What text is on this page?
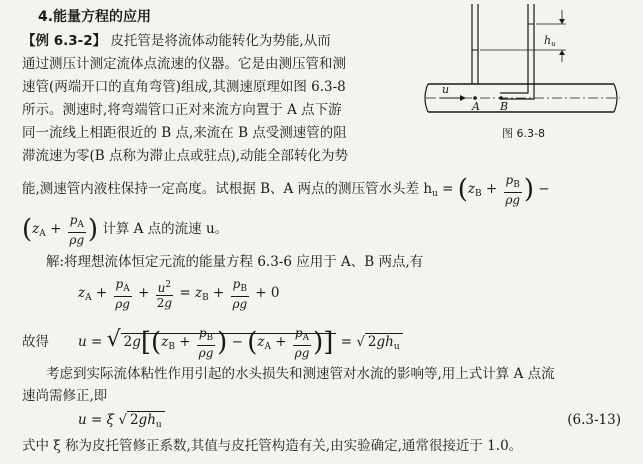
4.能量方程的应用
【例 6.3-2】 皮托管是将流体动能转化为势能,从而
通过测压计测定流体点流速的仪器。它是由测压管和测
速管(两端开口的直角弯管)组成,其测速原理如图 6.3-8
所示。测速时,将弯端管口正对来流方向置于 A 点下游
同一流线上相距很近的 B 点,来流在 B 点受测速管的阻
滞流速为零(B 点称为滞止点或驻点),动能全部转化为势
hu
u
A B
图 6.3-8
能,测速管内液柱保持一定高度。试根据 B、A 两点的测压管水头差 $h_u = (z_B + \frac{p_B}{\rho g}$ ) −
($z_A + \frac{p_A}{\rho g}$ ) 计算 A 点的流速 u。
解:将理想流体恒定元流的能量方程 6.3-6 应用于 A、B 两点,有
$z_A + \frac{p_A}{\rho g} + \frac{u^2}{2g} = z_B + \frac{p_B}{\rho g} + 0$
故得 u = √ $2g[(z_B + \frac{p_B}{\rho g}$ ) − ($z_A + \frac{p_A}{\rho g}$ )] = √ $2gh_u$
考虑到实际流体粘性作用引起的水头损失和测速管对水流的影响等,用上式计算 A 点流
速尚需修正,即
u = ξ √ $2gh_u$	(6.3-13)
式中 ξ 称为皮托管修正系数,其值与皮托管构造有关,由实验确定,通常很接近于 1.0。
